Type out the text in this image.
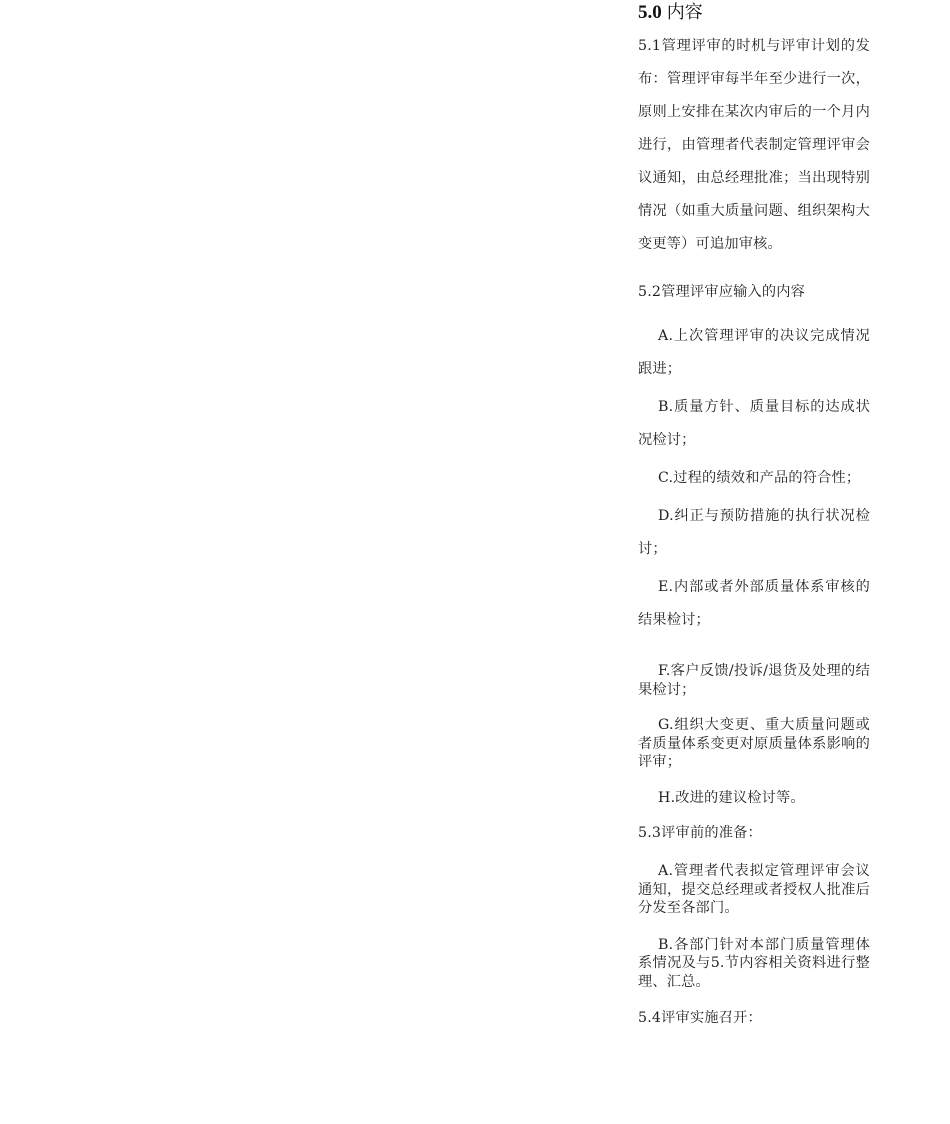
5.0 内容

5.1管理评审的时机与评审计划的发布：管理评审每半年至少进行一次，原则上安排在某次内审后的一个月内进行，由管理者代表制定管理评审会议通知，由总经理批准；当出现特别情况（如重大质量问题、组织架构大变更等）可追加审核。

5.2管理评审应输入的内容

A.上次管理评审的决议完成情况跟进；

B.质量方针、质量目标的达成状况检讨；

C.过程的绩效和产品的符合性；

D.纠正与预防措施的执行状况检讨；

E.内部或者外部质量体系审核的结果检讨；

F.客户反馈/投诉/退货及处理的结果检讨；

G.组织大变更、重大质量问题或者质量体系变更对原质量体系影响的评审；

H.改进的建议检讨等。

5.3评审前的准备：

A.管理者代表拟定管理评审会议通知，提交总经理或者授权人批准后分发至各部门。

B.各部门针对本部门质量管理体系情况及与5.节内容相关资料进行整理、汇总。

5.4评审实施召开：
